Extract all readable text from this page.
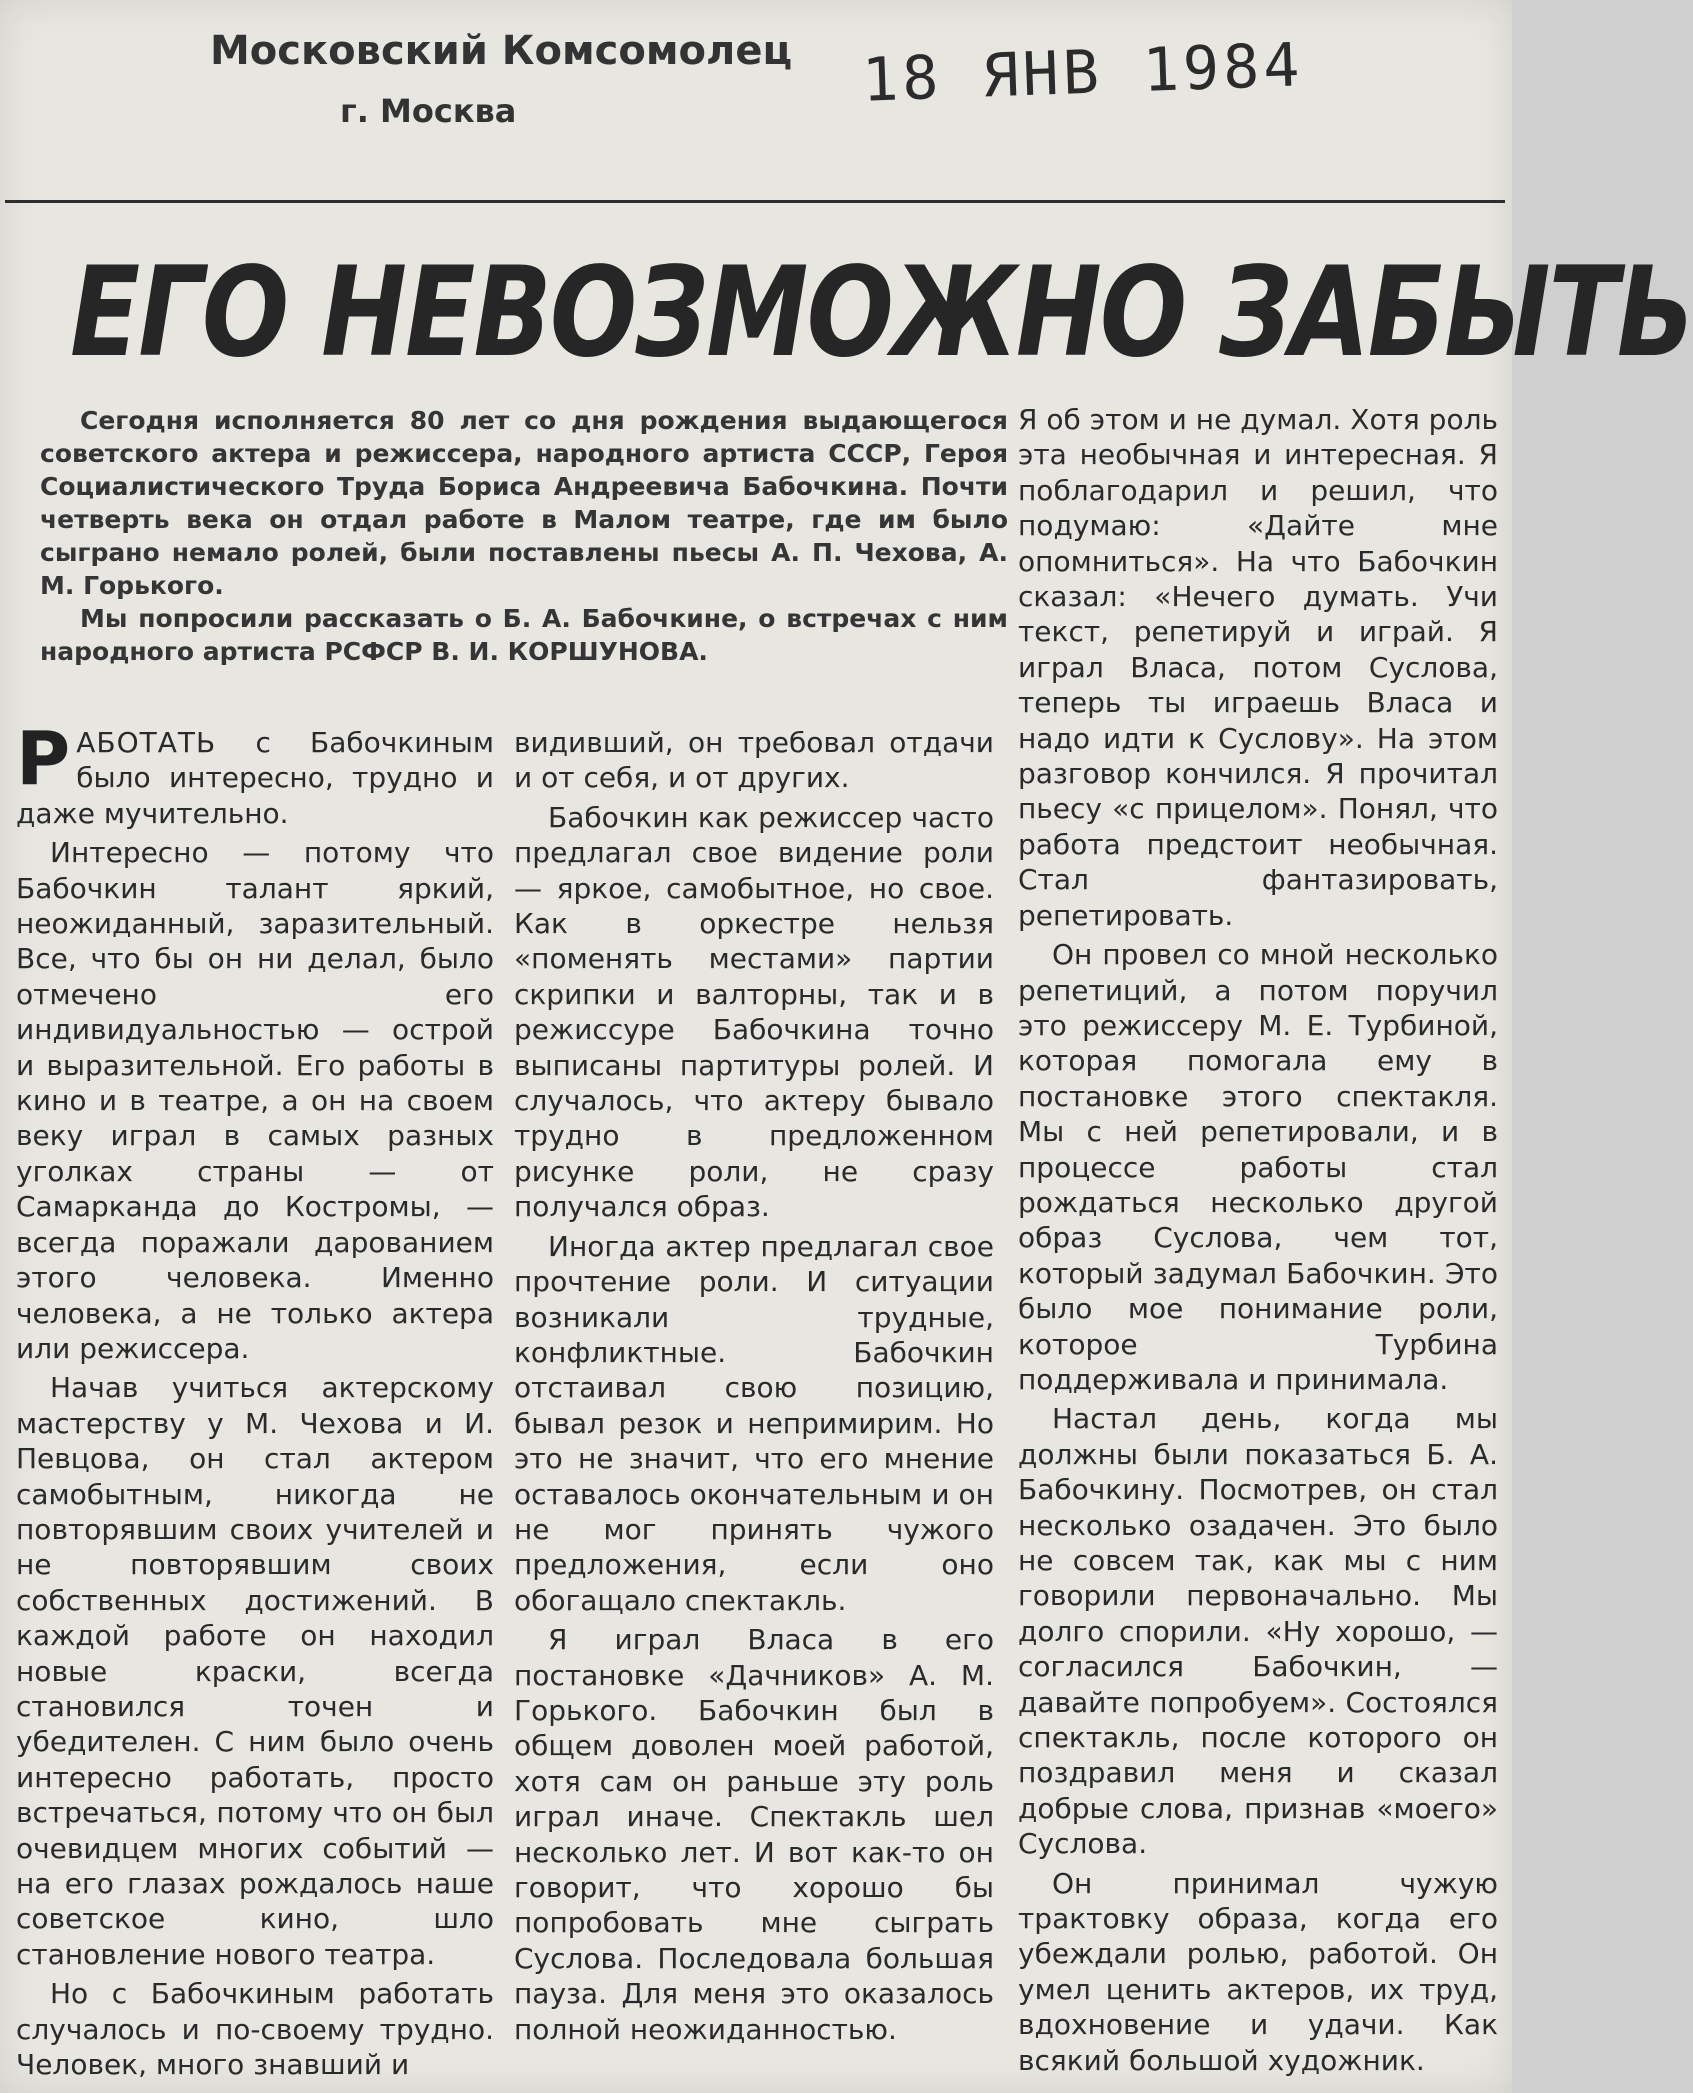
Московский Комсомолец
г. Москва	18 ЯНВ 1984
ЕГО НЕВОЗМОЖНО ЗАБЫТЬ

Сегодня исполняется 80 лет со дня рождения выдающегося советского актера и режиссера, народного артиста СССР, Героя Социалистического Труда Бориса Андреевича Бабочкина. Почти четверть века он отдал работе в Малом театре, где им было сыграно немало ролей, были поставлены пьесы А. П. Чехова, А. М. Горького.

Мы попросили рассказать о Б. А. Бабочкине, о встречах с ним народного артиста РСФСР В. И. КОРШУНОВА.

РАБОТАТЬ с Бабочкиным было интересно, трудно и даже мучительно.

Интересно — потому что Бабочкин талант яркий, неожиданный, заразительный. Все, что бы он ни делал, было отмечено его индивидуальностью — острой и выразительной. Его работы в кино и в театре, а он на своем веку играл в самых разных уголках страны — от Самарканда до Костромы, — всегда поражали дарованием этого человека. Именно человека, а не только актера или режиссера.

Начав учиться актерскому мастерству у М. Чехова и И. Певцова, он стал актером самобытным, никогда не повторявшим своих учителей и не повторявшим своих собственных достижений. В каждой работе он находил новые краски, всегда становился точен и убедителен. С ним было очень интересно работать, просто встречаться, потому что он был очевидцем многих событий — на его глазах рождалось наше советское кино, шло становление нового театра.

Но с Бабочкиным работать случалось и по-своему трудно. Человек, много знавший и

видивший, он требовал отдачи и от себя, и от других.

Бабочкин как режиссер часто предлагал свое видение роли — яркое, самобытное, но свое. Как в оркестре нельзя «поменять местами» партии скрипки и валторны, так и в режиссуре Бабочкина точно выписаны партитуры ролей. И случалось, что актеру бывало трудно в предложенном рисунке роли, не сразу получался образ.

Иногда актер предлагал свое прочтение роли. И ситуации возникали трудные, конфликтные. Бабочкин отстаивал свою позицию, бывал резок и непримирим. Но это не значит, что его мнение оставалось окончательным и он не мог принять чужого предложения, если оно обогащало спектакль.

Я играл Власа в его постановке «Дачников» А. М. Горького. Бабочкин был в общем доволен моей работой, хотя сам он раньше эту роль играл иначе. Спектакль шел несколько лет. И вот как-то он говорит, что хорошо бы попробовать мне сыграть Суслова. Последовала большая пауза. Для меня это оказалось полной неожиданностью.

Я об этом и не думал. Хотя роль эта необычная и интересная. Я поблагодарил и решил, что подумаю: «Дайте мне опомниться». На что Бабочкин сказал: «Нечего думать. Учи текст, репетируй и играй. Я играл Власа, потом Суслова, теперь ты играешь Власа и надо идти к Суслову». На этом разговор кончился. Я прочитал пьесу «с прицелом». Понял, что работа предстоит необычная. Стал фантазировать, репетировать.

Он провел со мной несколько репетиций, а потом поручил это режиссеру М. Е. Турбиной, которая помогала ему в постановке этого спектакля. Мы с ней репетировали, и в процессе работы стал рождаться несколько другой образ Суслова, чем тот, который задумал Бабочкин. Это было мое понимание роли, которое Турбина поддерживала и принимала.

Настал день, когда мы должны были показаться Б. А. Бабочкину. Посмотрев, он стал несколько озадачен. Это было не совсем так, как мы с ним говорили первоначально. Мы долго спорили. «Ну хорошо, — согласился Бабочкин, — давайте попробуем». Состоялся спектакль, после которого он поздравил меня и сказал добрые слова, признав «моего» Суслова.

Он принимал чужую трактовку образа, когда его убеждали ролью, работой. Он умел ценить актеров, их труд, вдохновение и удачи. Как всякий большой художник.
